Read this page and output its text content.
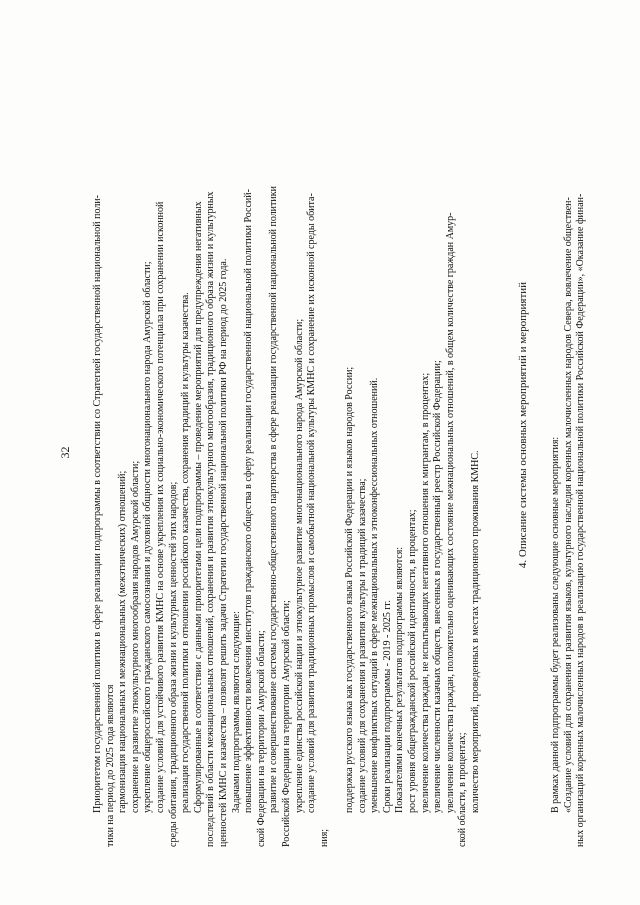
32 Приоритетом государственной политики в сфере реализации подпрограммы в соответствии со Стратегией государственной национальной поли- тики на период до 2025 года являются гармонизация национальных и межнациональных (межэтнических) отношений; сохранение и развитие этнокультурного многообразия народов Амурской области; укрепление общероссийского гражданского самосознания и духовной общности многонационального народа Амурской области; создание условий для устойчивого развития КМНС на основе укрепления их социально-экономического потенциала при сохранении исконной среды обитания, традиционного образа жизни и культурных ценностей этих народов; реализация государственной политики в отношении российского казачества, сохранения традиций и культуры казачества. Сформулированные в соответствии с данными приоритетами цели подпрограммы – проведение мероприятий для предупреждения негативных последствий в области межнациональных отношений, сохранения и развития этнокультурного многообразия, традиционного образа жизни и культурных ценностей КМНС и казачества – позволят решить задачи Стратегии государственной национальной политики РФ на период до 2025 года. Задачами подпрограммы являются следующие: повышение эффективности вовлечения институтов гражданского общества в сферу реализации государственной национальной политики Россий- ской Федерации на территории Амурской области; развитие и совершенствование системы государственно-общественного партнерства в сфере реализации государственной национальной политики Российской Федерации на территории Амурской области; укрепление единства российской нации и этнокультурное развитие многонационального народа Амурской области; создание условий для развития традиционных промыслов и самобытной национальной культуры КМНС и сохранение их исконной среды обита-

ния;

поддержка русского языка как государственного языка Российской Федерации и языков народов России; создание условий для сохранения и развития культуры и традиций казачества; уменьшение конфликтных ситуаций в сфере межнациональных и этноконфессиональных отношений. Сроки реализации подпрограммы - 2019 - 2025 гг. Показателями конечных результатов подпрограммы являются: рост уровня общегражданской российской идентичности, в процентах; увеличение количества граждан, не испытывающих негативного отношения к мигрантам, в процентах; увеличение численности казачьих обществ, внесенных в государственный реестр Российской Федерации; увеличение количества граждан, положительно оценивающих состояние межнациональных отношений, в общем количестве граждан Амур- ской области, в процентах; количество мероприятий, проведенных в местах традиционного проживания КМНС.

4. Описание системы основных мероприятий и мероприятий

В рамках данной подпрограммы будет реализованы следующие основные мероприятия: «Создание условий для сохранения и развития языков, культурного наследия коренных малочисленных народов Севера, вовлечение обществен- ных организаций коренных малочисленных народов в реализацию государственной национальной политики Российской Федерации», «Оказание финан-
